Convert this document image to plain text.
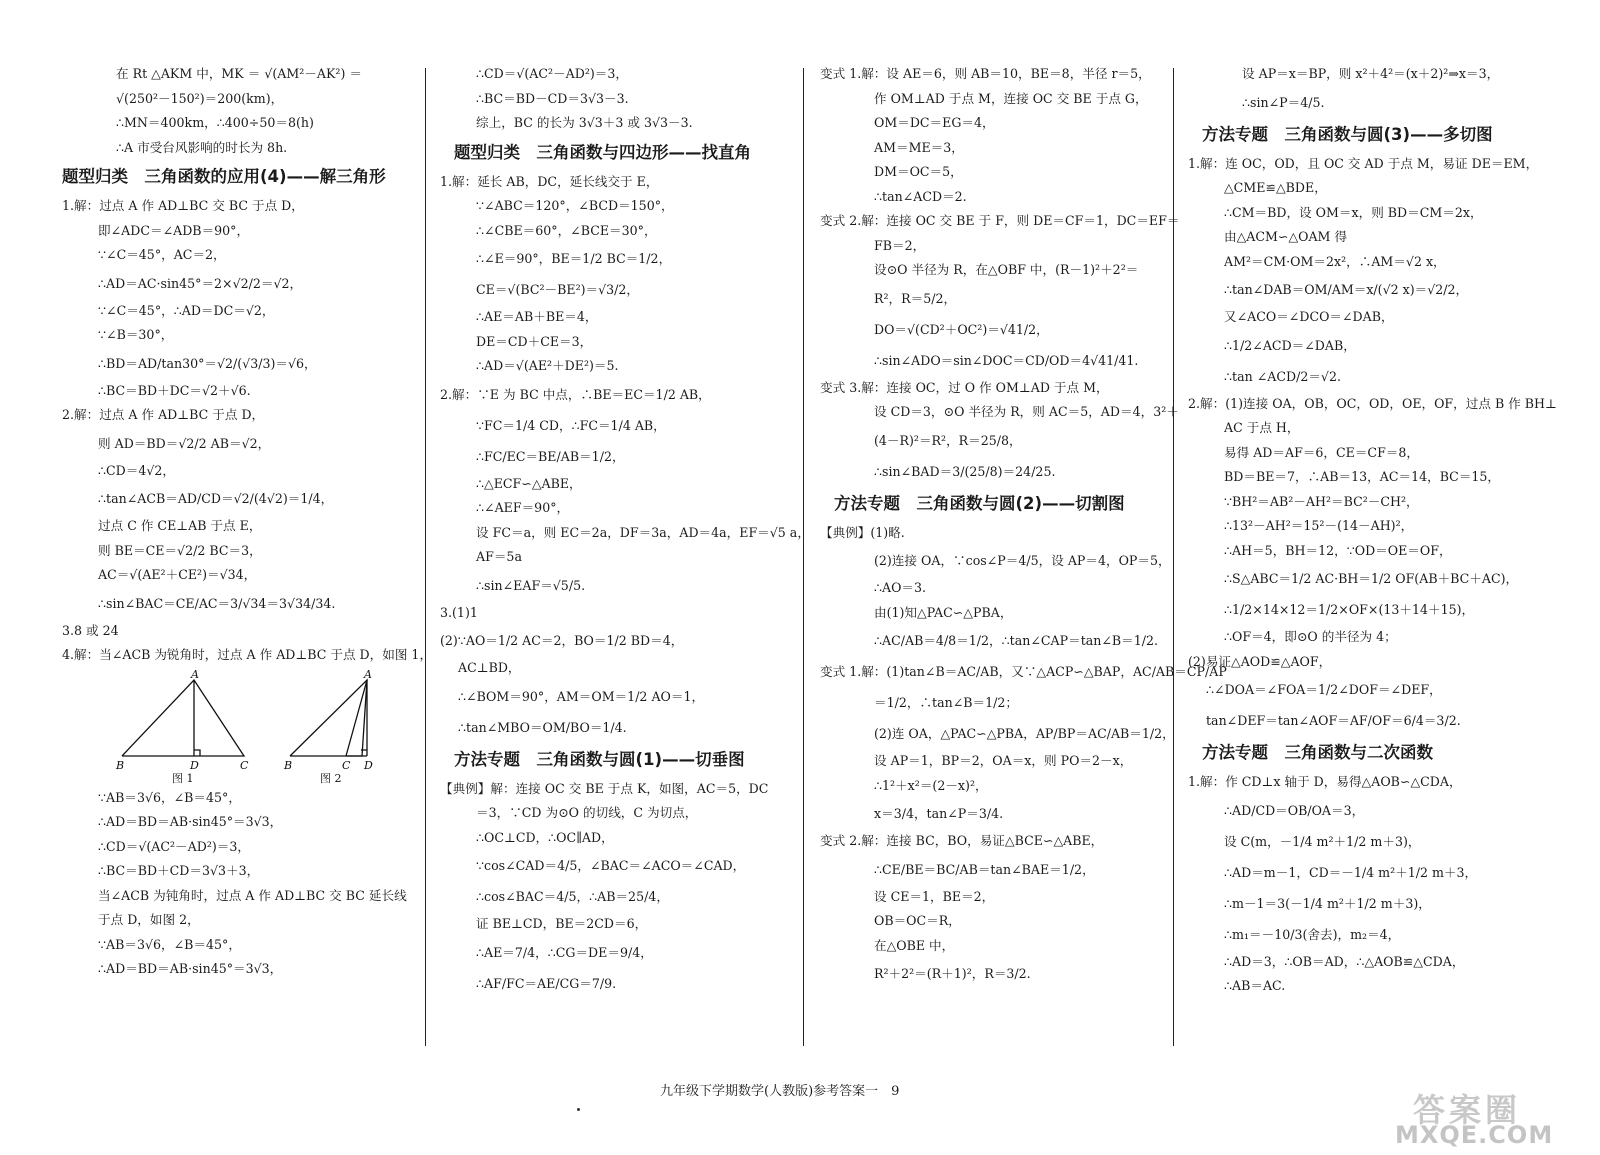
在 Rt △AKM 中，MK ＝ √(AM²－AK²) ＝
√(250²－150²)＝200(km)，
∴MN＝400km，∴400÷50＝8(h)
∴A 市受台风影响的时长为 8h.
题型归类　三角函数的应用(4)——解三角形
1.解：过点 A 作 AD⊥BC 交 BC 于点 D，
即∠ADC＝∠ADB＝90°，
∵∠C＝45°，AC＝2，
∴AD＝AC·sin45°＝2×√2/2＝√2，
∵∠C＝45°，∴AD＝DC＝√2，
∵∠B＝30°，
∴BD＝AD/tan30°＝√2/(√3/3)＝√6，
∴BC＝BD＋DC＝√2＋√6.
2.解：过点 A 作 AD⊥BC 于点 D，
则 AD＝BD＝√2/2 AB＝√2，
∴CD＝4√2，
∴tan∠ACB＝AD/CD＝√2/(4√2)＝1/4，
过点 C 作 CE⊥AB 于点 E，
则 BE＝CE＝√2/2 BC＝3，
AC＝√(AE²＋CE²)＝√34，
∴sin∠BAC＝CE/AC＝3/√34＝3√34/34.
3.8 或 24
4.解：当∠ACB 为锐角时，过点 A 作 AD⊥BC 于点 D，如图 1，
A
B	D	C
A
B	C D
图 1	图 2
∵AB＝3√6，∠B＝45°，
∴AD＝BD＝AB·sin45°＝3√3，
∴CD＝√(AC²－AD²)＝3，
∴BC＝BD＋CD＝3√3＋3，
当∠ACB 为钝角时，过点 A 作 AD⊥BC 交 BC 延长线
于点 D，如图 2，
∵AB＝3√6，∠B＝45°，
∴AD＝BD＝AB·sin45°＝3√3，
∴CD＝√(AC²－AD²)＝3，
∴BC＝BD－CD＝3√3－3.
综上，BC 的长为 3√3＋3 或 3√3－3.
题型归类　三角函数与四边形——找直角
1.解：延长 AB，DC，延长线交于 E，
∵∠ABC＝120°，∠BCD＝150°，
∴∠CBE＝60°，∠BCE＝30°，
∴∠E＝90°，BE＝1/2 BC＝1/2，
CE＝√(BC²－BE²)＝√3/2，
∴AE＝AB＋BE＝4，
DE＝CD＋CE＝3，
∴AD＝√(AE²＋DE²)＝5.
2.解：∵E 为 BC 中点，∴BE＝EC＝1/2 AB，
∵FC＝1/4 CD，∴FC＝1/4 AB，
∴FC/EC＝BE/AB＝1/2，
∴△ECF∽△ABE，
∴∠AEF＝90°，
设 FC＝a，则 EC＝2a，DF＝3a，AD＝4a，EF＝√5 a，
AF＝5a
∴sin∠EAF＝√5/5.
3.(1)1
(2)∵AO＝1/2 AC＝2，BO＝1/2 BD＝4，
AC⊥BD，
∴∠BOM＝90°，AM＝OM＝1/2 AO＝1，
∴tan∠MBO＝OM/BO＝1/4.
方法专题　三角函数与圆(1)——切垂图
【典例】解：连接 OC 交 BE 于点 K，如图，AC＝5，DC
＝3，∵CD 为⊙O 的切线，C 为切点，
∴OC⊥CD，∴OC∥AD，
∵cos∠CAD＝4/5，∠BAC＝∠ACO＝∠CAD，
∴cos∠BAC＝4/5，∴AB＝25/4，
证 BE⊥CD，BE＝2CD＝6，
∴AE＝7/4，∴CG＝DE＝9/4，
∴AF/FC＝AE/CG＝7/9.
变式 1.解：设 AE＝6，则 AB＝10，BE＝8，半径 r＝5，
作 OM⊥AD 于点 M，连接 OC 交 BE 于点 G，
OM＝DC＝EG＝4，
AM＝ME＝3，
DM＝OC＝5，
∴tan∠ACD＝2.
变式 2.解：连接 OC 交 BE 于 F，则 DE＝CF＝1，DC＝EF＝
FB＝2，
设⊙O 半径为 R，在△OBF 中，(R－1)²＋2²＝
R²，R＝5/2，
DO＝√(CD²＋OC²)＝√41/2，
∴sin∠ADO＝sin∠DOC＝CD/OD＝4√41/41.
变式 3.解：连接 OC，过 O 作 OM⊥AD 于点 M，
设 CD＝3，⊙O 半径为 R，则 AC＝5，AD＝4，3²＋
(4－R)²＝R²，R＝25/8，
∴sin∠BAD＝3/(25/8)＝24/25.
方法专题　三角函数与圆(2)——切割图
【典例】(1)略.
(2)连接 OA，∵cos∠P＝4/5，设 AP＝4，OP＝5，
∴AO＝3.
由(1)知△PAC∽△PBA，
∴AC/AB＝4/8＝1/2，∴tan∠CAP＝tan∠B＝1/2.
变式 1.解：(1)tan∠B＝AC/AB，又∵△ACP∽△BAP，AC/AB＝CP/AP
＝1/2，∴tan∠B＝1/2；
(2)连 OA，△PAC∽△PBA，AP/BP＝AC/AB＝1/2，
设 AP＝1，BP＝2，OA＝x，则 PO＝2－x，
∴1²＋x²＝(2－x)²，
x＝3/4，tan∠P＝3/4.
变式 2.解：连接 BC，BO，易证△BCE∽△ABE，
∴CE/BE＝BC/AB＝tan∠BAE＝1/2，
设 CE＝1，BE＝2，
OB＝OC＝R，
在△OBE 中，
R²＋2²＝(R＋1)²，R＝3/2.
设 AP＝x＝BP，则 x²＋4²＝(x＋2)²⇒x＝3，
∴sin∠P＝4/5.
方法专题　三角函数与圆(3)——多切图
1.解：连 OC，OD，且 OC 交 AD 于点 M，易证 DE＝EM，
△CME≌△BDE，
∴CM＝BD，设 OM＝x，则 BD＝CM＝2x，
由△ACM∽△OAM 得
AM²＝CM·OM＝2x²，∴AM＝√2 x，
∴tan∠DAB＝OM/AM＝x/(√2 x)＝√2/2，
又∠ACO＝∠DCO＝∠DAB，
∴1/2∠ACD＝∠DAB，
∴tan ∠ACD/2＝√2.
2.解：(1)连接 OA，OB，OC，OD，OE，OF，过点 B 作 BH⊥
AC 于点 H，
易得 AD＝AF＝6，CE＝CF＝8，
BD＝BE＝7，∴AB＝13，AC＝14，BC＝15，
∵BH²＝AB²－AH²＝BC²－CH²，
∴13²－AH²＝15²－(14－AH)²，
∴AH＝5，BH＝12，∵OD＝OE＝OF，
∴S△ABC＝1/2 AC·BH＝1/2 OF(AB＋BC＋AC)，
∴1/2×14×12＝1/2×OF×(13＋14＋15)，
∴OF＝4，即⊙O 的半径为 4；
(2)易证△AOD≌△AOF，
∴∠DOA＝∠FOA＝1/2∠DOF＝∠DEF，
tan∠DEF＝tan∠AOF＝AF/OF＝6/4＝3/2.
方法专题　三角函数与二次函数
1.解：作 CD⊥x 轴于 D，易得△AOB∽△CDA，
∴AD/CD＝OB/OA＝3，
设 C(m，－1/4 m²＋1/2 m＋3)，
∴AD＝m－1，CD＝－1/4 m²＋1/2 m＋3，
∴m－1＝3(－1/4 m²＋1/2 m＋3)，
∴m₁＝－10/3(舍去)，m₂＝4，
∴AD＝3，∴OB＝AD，∴△AOB≌△CDA，
∴AB＝AC.
九年级下学期数学(人教版)参考答案一　9	答案圈
MXQE.COM
